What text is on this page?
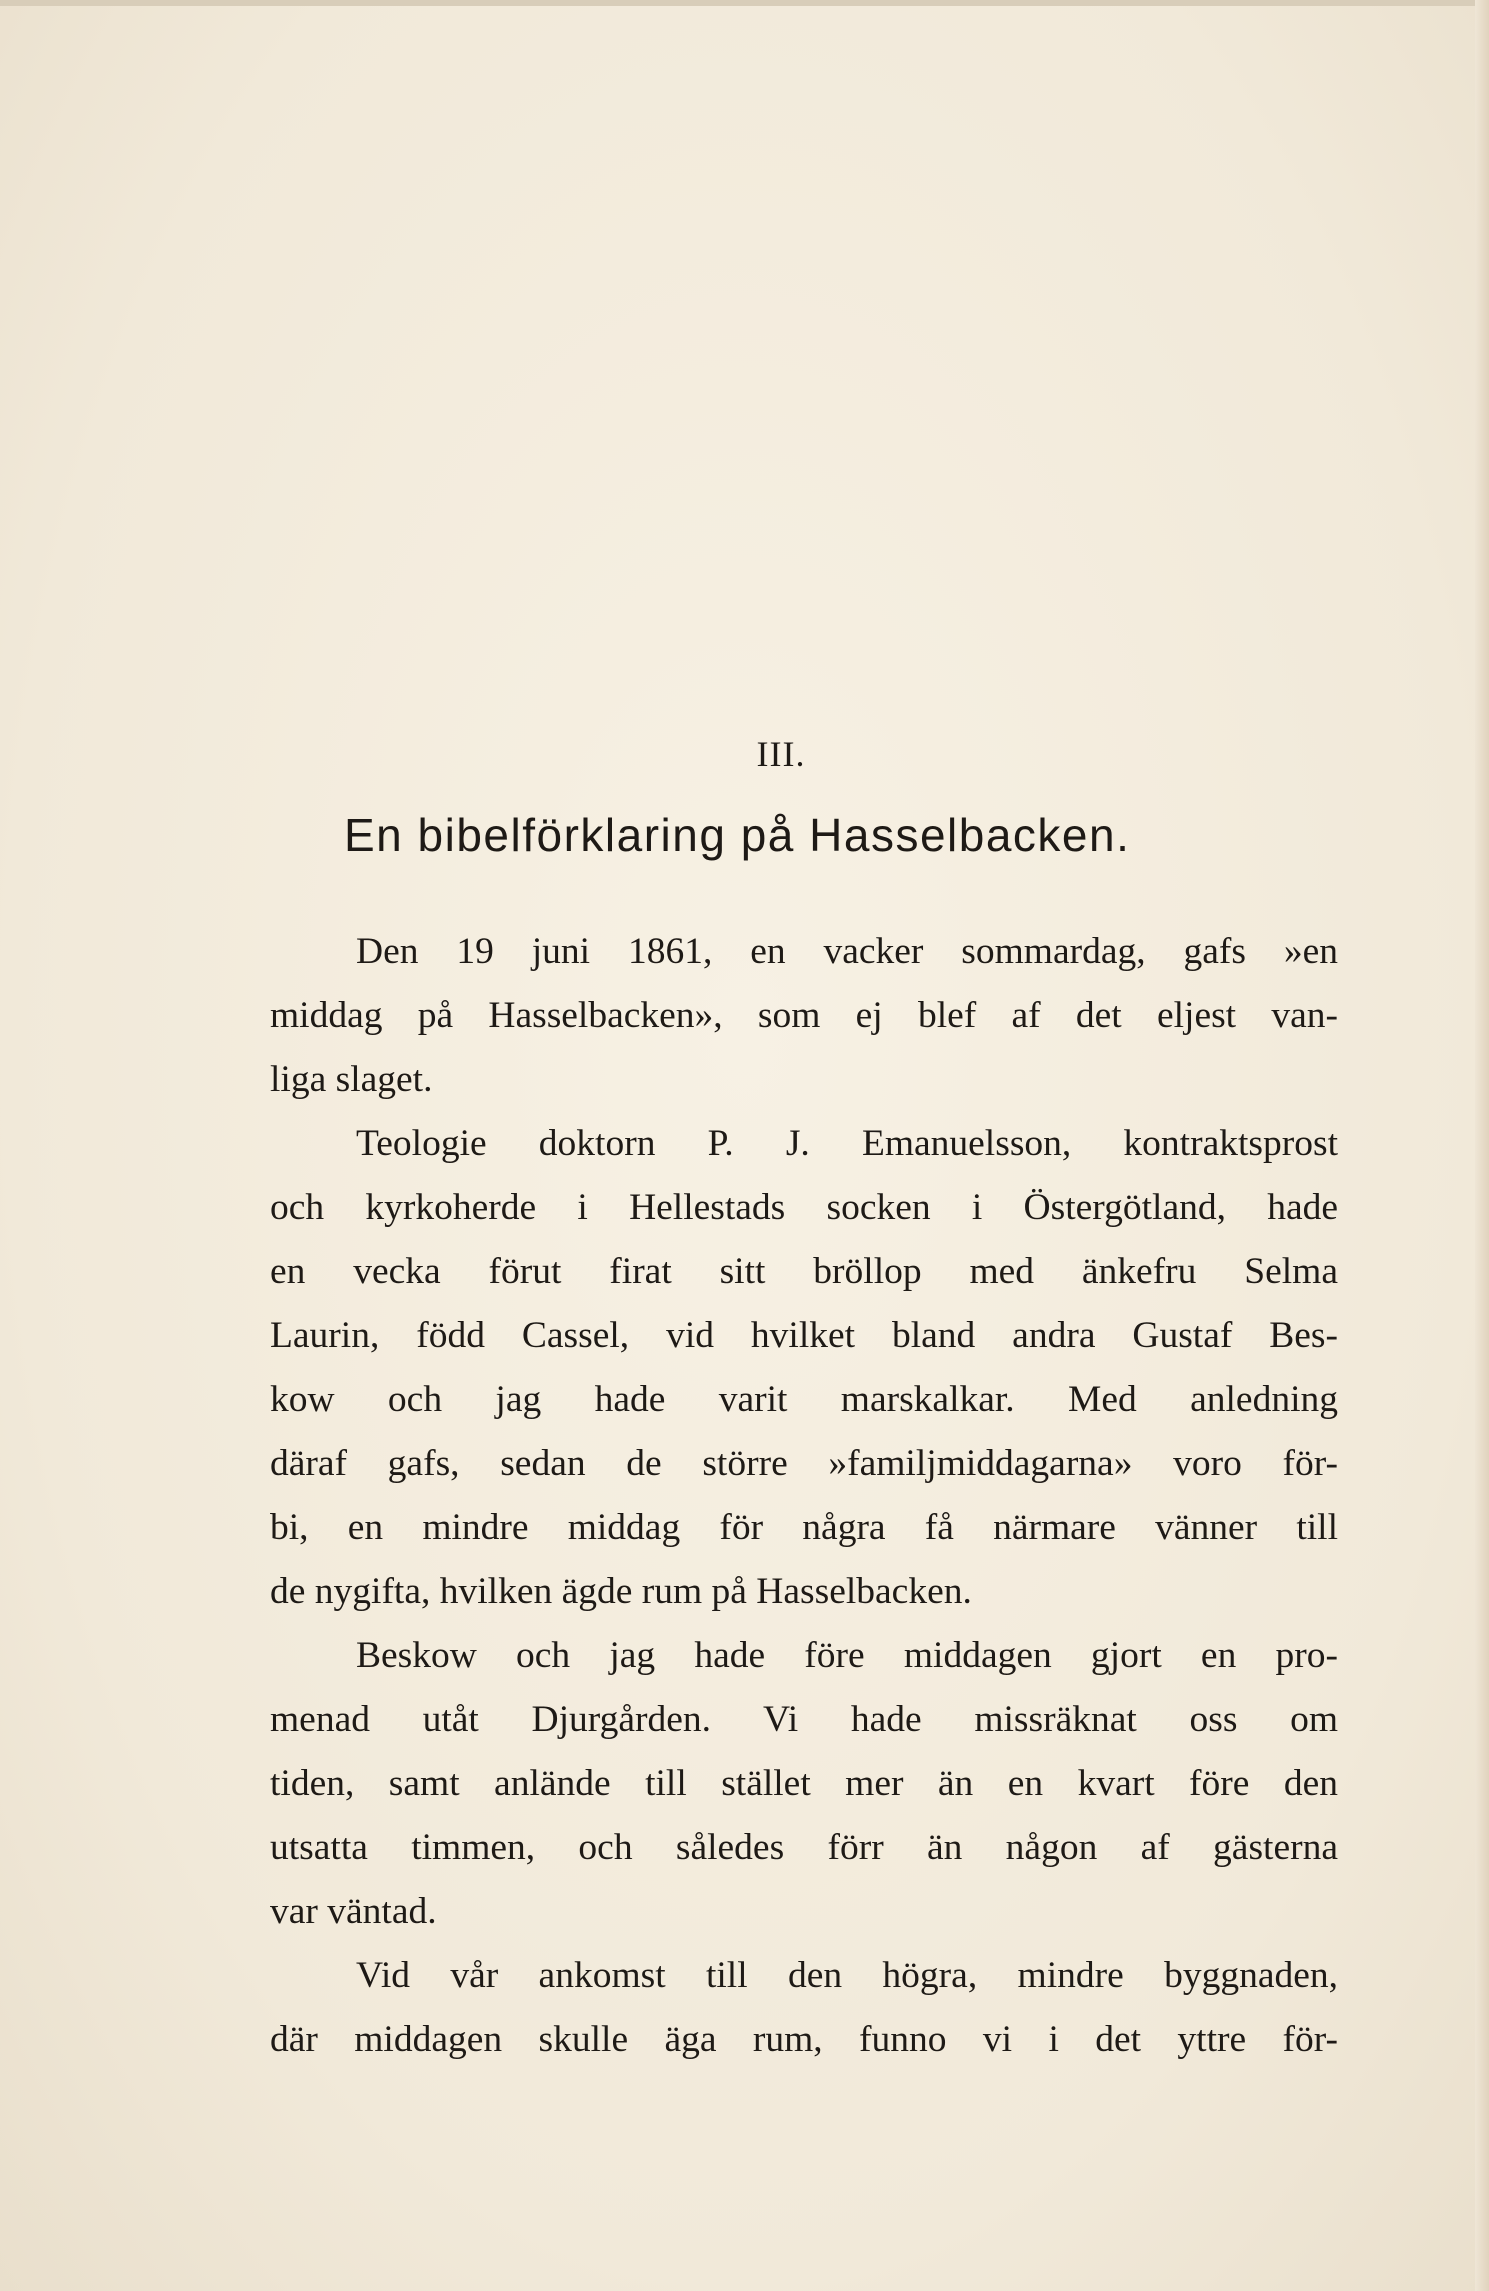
III.
En bibelförklaring på Hasselbacken.
Den 19 juni 1861, en vacker sommardag, gafs »en
middag på Hasselbacken», som ej blef af det eljest van-
liga slaget.
Teologie doktorn P. J. Emanuelsson, kontraktsprost
och kyrkoherde i Hellestads socken i Östergötland, hade
en vecka förut firat sitt bröllop med änkefru Selma
Laurin, född Cassel, vid hvilket bland andra Gustaf Bes-
kow och jag hade varit marskalkar. Med anledning
däraf gafs, sedan de större »familjmiddagarna» voro för-
bi, en mindre middag för några få närmare vänner till
de nygifta, hvilken ägde rum på Hasselbacken.
Beskow och jag hade före middagen gjort en pro-
menad utåt Djurgården. Vi hade missräknat oss om
tiden, samt anlände till stället mer än en kvart före den
utsatta timmen, och således förr än någon af gästerna
var väntad.
Vid vår ankomst till den högra, mindre byggnaden,
där middagen skulle äga rum, funno vi i det yttre för-
